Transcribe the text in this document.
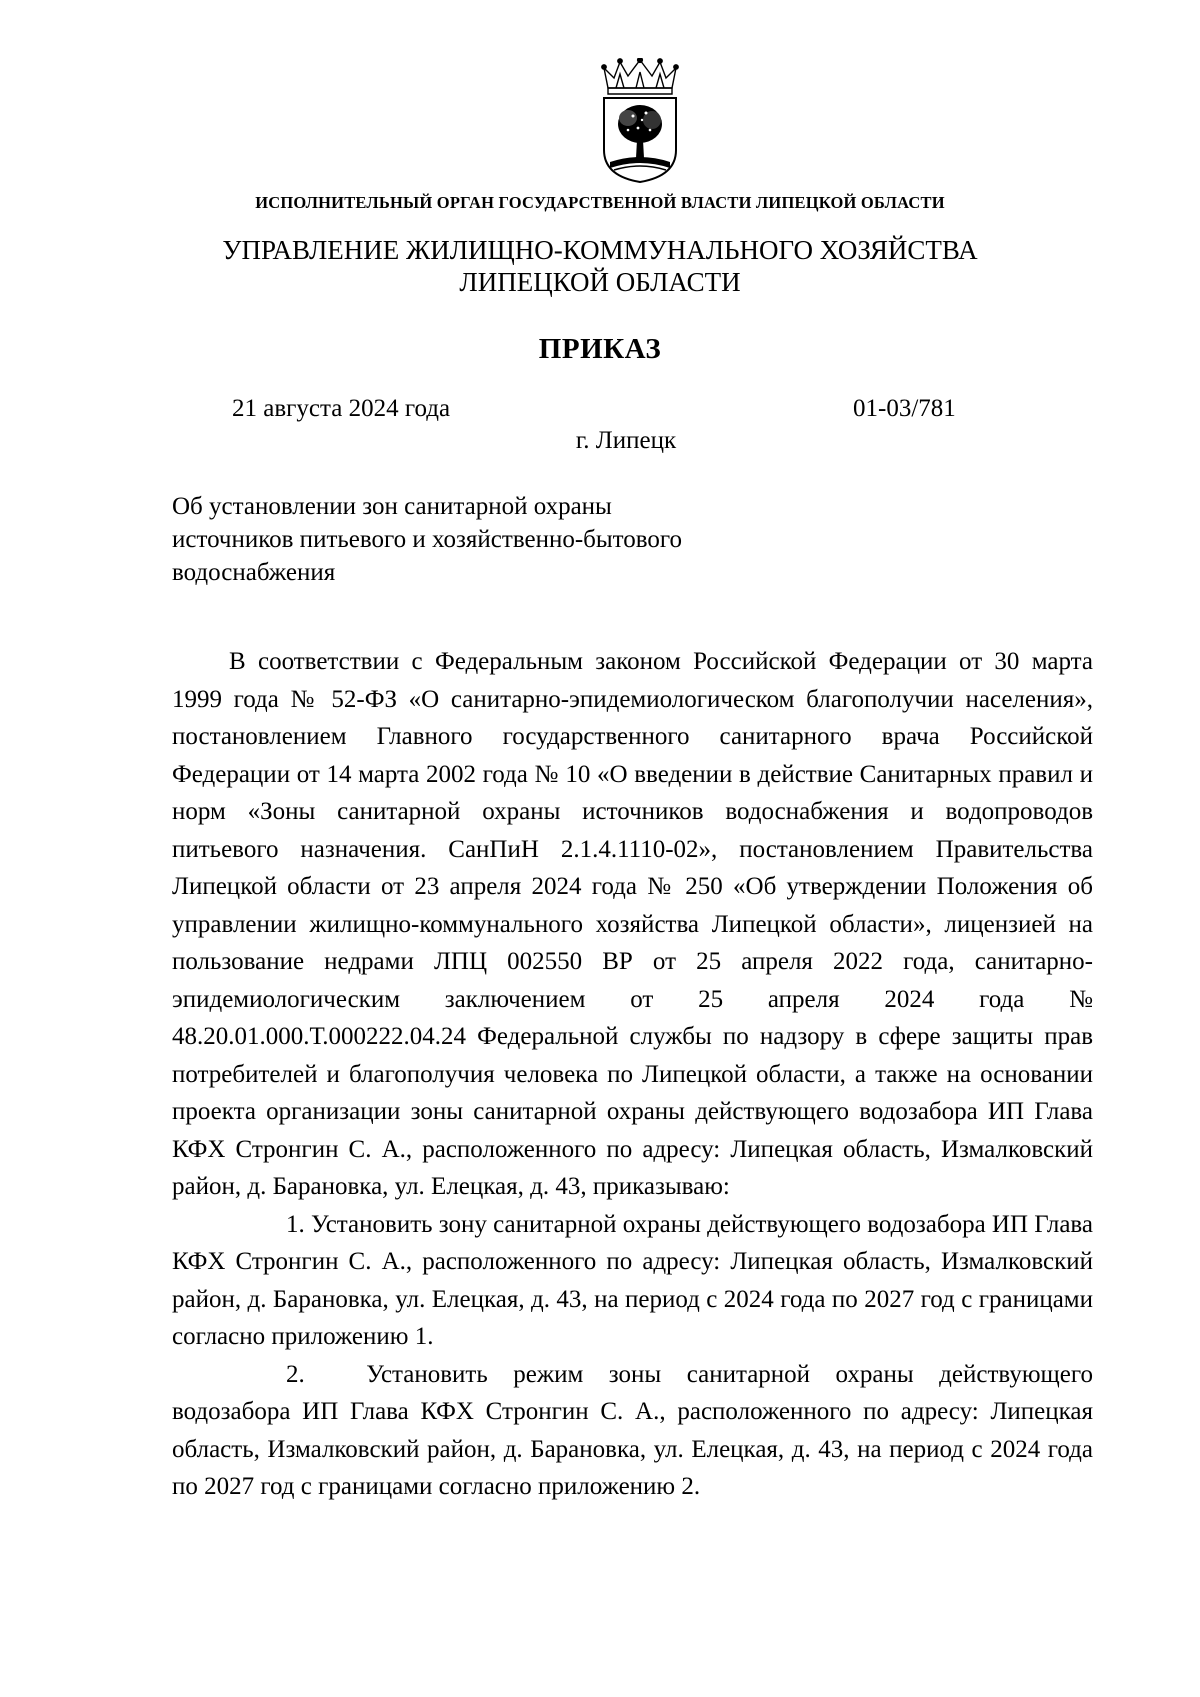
ИСПОЛНИТЕЛЬНЫЙ ОРГАН ГОСУДАРСТВЕННОЙ ВЛАСТИ ЛИПЕЦКОЙ ОБЛАСТИ
УПРАВЛЕНИЕ ЖИЛИЩНО-КОММУНАЛЬНОГО ХОЗЯЙСТВА
ЛИПЕЦКОЙ ОБЛАСТИ
ПРИКАЗ
21 августа 2024 года	01-03/781
г. Липецк
Об установлении зон санитарной охраны
источников питьевого и хозяйственно-бытового
водоснабжения

В соответствии с Федеральным законом Российской Федерации от 30 марта 1999 года № 52-ФЗ «О санитарно-эпидемиологическом благополучии населения», постановлением Главного государственного санитарного врача Российской Федерации от 14 марта 2002 года № 10 «О введении в действие Санитарных правил и норм «Зоны санитарной охраны источников водоснабжения и водопроводов питьевого назначения. СанПиН 2.1.4.1110-02», постановлением Правительства Липецкой области от 23 апреля 2024 года № 250 «Об утверждении Положения об управлении жилищно-коммунального хозяйства Липецкой области», лицензией на пользование недрами ЛПЦ 002550 ВР от 25 апреля 2022 года, санитарно-эпидемиологическим заключением от 25 апреля 2024 года № 48.20.01.000.Т.000222.04.24 Федеральной службы по надзору в сфере защиты прав потребителей и благополучия человека по Липецкой области, а также на основании проекта организации зоны санитарной охраны действующего водозабора ИП Глава КФХ Стронгин С. А., расположенного по адресу: Липецкая область, Измалковский район, д. Барановка, ул. Елецкая, д. 43, приказываю:

1. Установить зону санитарной охраны действующего водозабора ИП Глава КФХ Стронгин С. А., расположенного по адресу: Липецкая область, Измалковский район, д. Барановка, ул. Елецкая, д. 43, на период с 2024 года по 2027 год с границами согласно приложению 1.

2. Установить режим зоны санитарной охраны действующего водозабора ИП Глава КФХ Стронгин С. А., расположенного по адресу: Липецкая область, Измалковский район, д. Барановка, ул. Елецкая, д. 43, на период с 2024 года по 2027 год с границами согласно приложению 2.
